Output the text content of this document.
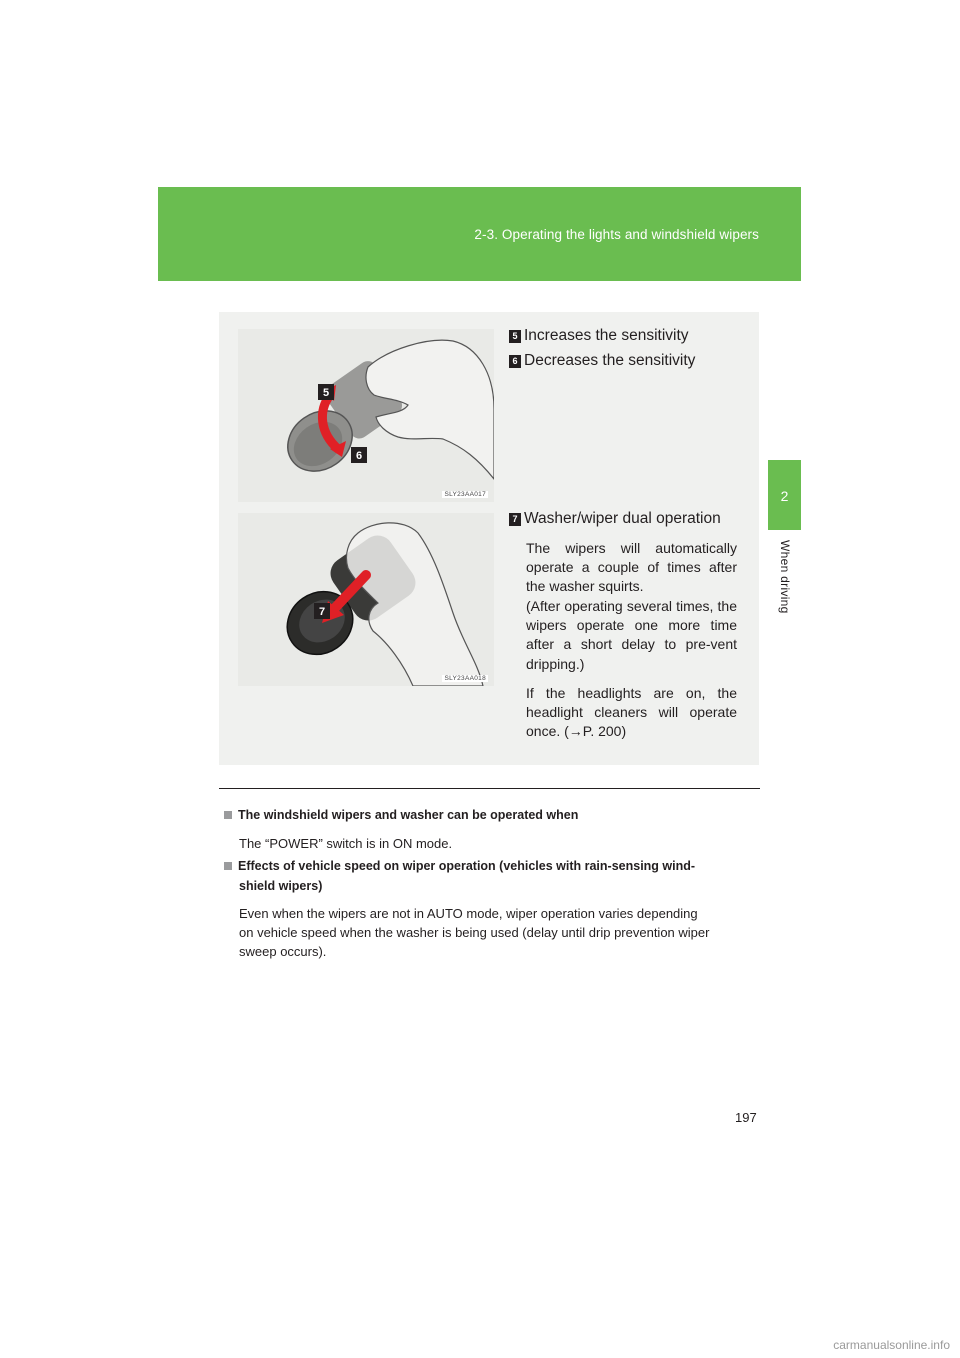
2-3. Operating the lights and windshield wipers
2
When driving
5
6
SLY23AA017
7
SLY23AA018
5 Increases the sensitivity
6 Decreases the sensitivity
7 Washer/wiper dual operation
The wipers will automatically operate a couple of times after the washer squirts.
(After operating several times, the wipers operate one more time after a short delay to pre-vent dripping.)
If the headlights are on, the headlight cleaners will operate once. (→P. 200)
The windshield wipers and washer can be operated when
The “POWER” switch is in ON mode.
Effects of vehicle speed on wiper operation (vehicles with rain-sensing wind-
shield wipers)
Even when the wipers are not in AUTO mode, wiper operation varies depending
on vehicle speed when the washer is being used (delay until drip prevention wiper
sweep occurs).
197
carmanualsonline.info
